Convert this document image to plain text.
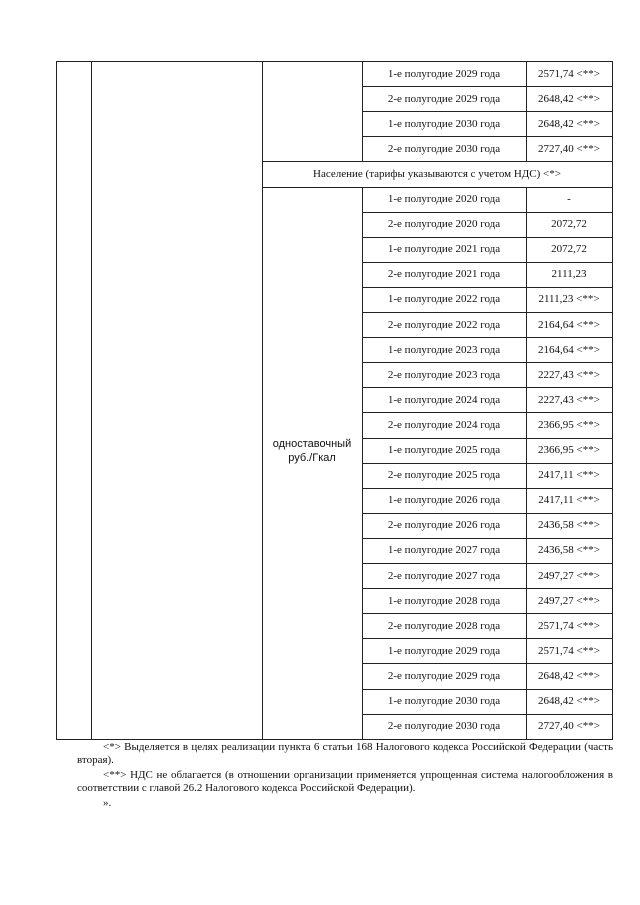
1-е полугодие 2029 года	2571,74 <**>
2-е полугодие 2029 года	2648,42 <**>
1-е полугодие 2030 года	2648,42 <**>
2-е полугодие 2030 года	2727,40 <**>
Население (тарифы указываются с учетом НДС) <*>
1-е полугодие 2020 года	-
2-е полугодие 2020 года	2072,72
1-е полугодие 2021 года	2072,72
2-е полугодие 2021 года	2111,23
1-е полугодие 2022 года	2111,23 <**>
2-е полугодие 2022 года	2164,64 <**>
1-е полугодие 2023 года	2164,64 <**>
2-е полугодие 2023 года	2227,43 <**>
1-е полугодие 2024 года	2227,43 <**>
2-е полугодие 2024 года	2366,95 <**>
1-е полугодие 2025 года	2366,95 <**>
2-е полугодие 2025 года	2417,11 <**>
1-е полугодие 2026 года	2417,11 <**>
2-е полугодие 2026 года	2436,58 <**>
1-е полугодие 2027 года	2436,58 <**>
2-е полугодие 2027 года	2497,27 <**>
1-е полугодие 2028 года	2497,27 <**>
2-е полугодие 2028 года	2571,74 <**>
1-е полугодие 2029 года	2571,74 <**>
2-е полугодие 2029 года	2648,42 <**>
1-е полугодие 2030 года	2648,42 <**>
2-е полугодие 2030 года	2727,40 <**>
одноставочный
руб./Гкал

<*> Выделяется в целях реализации пункта 6 статьи 168 Налогового кодекса Российской Федерации (часть вторая).

<**> НДС не облагается (в отношении организации применяется упрощенная система налогообложения в соответствии с главой 26.2 Налогового кодекса Российской Федерации).

».
